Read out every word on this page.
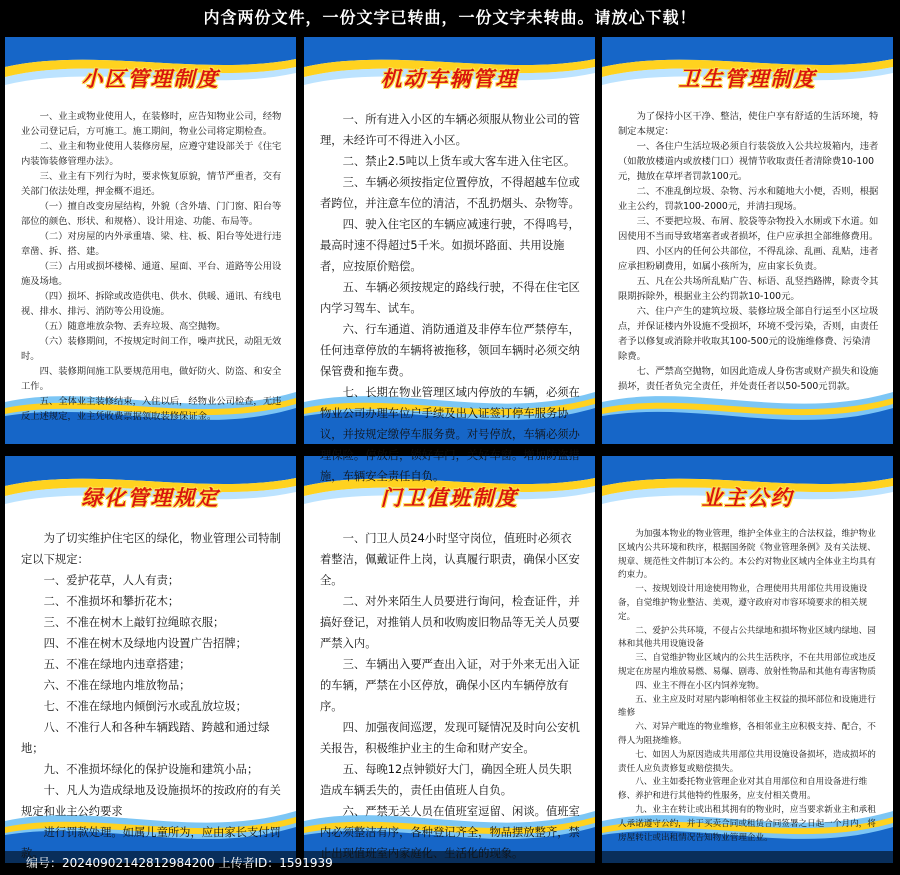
内含两份文件，一份文字已转曲，一份文字未转曲。请放心下载！
小区管理制度

一、业主或物业使用人，在装修时，应告知物业公司，经物业公司登记后，方可施工。施工期间，物业公司将定期检查。

二、业主和物业使用人装修房屋，应遵守建设部关于《住宅内装饰装修管理办法》。

三、业主有下列行为时，要求恢复原貌，情节严重者，交有关部门依法处理，押金概不退还。

（一）擅自改变房屋结构，外貌（含外墙、门门窗、阳台等部位的颜色、形状、和规格）、设计用途、功能、布局等。

（二）对房屋的内外承重墙、梁、柱、板、阳台等处进行违章凿、拆、搭、建。

（三）占用或损坏楼梯、通道、屋面、平台、道路等公用设施及场地。

（四）损坏、拆除或改造供电、供水、供暖、通讯、有线电视、排水、排污、消防等公用设施。

（五）随意堆放杂物、丢弃垃圾、高空抛物。

（六）装修期间，不按规定时间工作，噪声扰民，动阻无效时。

四、装修期间施工队要规范用电，做好防火、防盗、和安全工作。

五、全体业主装修结束，入住以后，经物业公司检查，无违反上述规定，业主凭收费票据领取装修保证金。

机动车辆管理

一、所有进入小区的车辆必须服从物业公司的管理，未经许可不得进入小区。

二、禁止2.5吨以上货车或大客车进入住宅区。

三、车辆必须按指定位置停放，不得超越车位或者跨位，并注意车位的清洁，不乱扔烟头、杂物等。

四、驶入住宅区的车辆应减速行驶，不得鸣号，最高时速不得超过5千米。如损坏路面、共用设施者，应按原价赔偿。

五、车辆必须按规定的路线行驶，不得在住宅区内学习驾车、试车。

六、行车通道、消防通道及非停车位严禁停车，任何违章停放的车辆将被拖移，领回车辆时必须交纳保管费和拖车费。

七、长期在物业管理区域内停放的车辆，必须在物业公司办理车位户手续及出入证签订停车服务协议，并按规定缴停车服务费。对号停放，车辆必须办理保险。停放后，锁好车门，关好车窗。增加防盗措施，车辆安全责任自负。

卫生管理制度

为了保持小区干净、整洁，使住户享有舒适的生活环境，特制定本规定：

一、各住户生活垃圾必须自行装袋放入公共垃圾箱内，违者（如散放楼道内或放楼门口）视情节收取责任者清除费10-100元，抛放在草坪者罚款100元。

二、不准乱倒垃圾、杂物、污水和随地大小便，否则，根据业主公约，罚款100-2000元，并清扫现场。

三、不要把垃圾、布屑、胶袋等杂物投入水厕或下水道。如因使用不当而导致堵塞者或者损坏，住户应承担全部维修费用。

四、小区内的任何公共部位，不得乱涂、乱画、乱贴，违者应承担粉刷费用，如属小孩所为，应由家长负责。

五、凡在公共场所乱贴广告、标语、乱竖挡路牌，除责令其限期拆除外，根据业主公约罚款10-100元。

六、住户产生的建筑垃圾、装修垃圾全部自行运至小区垃圾点，并保证楼内外设施不受损坏，环境不受污染，否则，由责任者予以修复或消除并收取其100-500元的设施维修费、污染清除费。

七、严禁高空抛物，如因此造成人身伤害或财产损失和设施损坏，责任者负完全责任，并处责任者以50-500元罚款。

绿化管理规定

为了切实维护住宅区的绿化，物业管理公司特制定以下规定：

一、爱护花草，人人有责；

二、不准损坏和攀折花木；

三、不准在树木上敲钉拉绳晾衣服；

四、不准在树木及绿地内设置广告招牌；

五、不准在绿地内违章搭建；

六、不准在绿地内堆放物品；

七、不准在绿地内倾倒污水或乱放垃圾；

八、不准行人和各种车辆践踏、跨越和通过绿地；

九、不准损坏绿化的保护设施和建筑小品；

十、凡人为造成绿地及设施损坏的按政府的有关规定和业主公约要求

进行罚款处理。如属儿童所为，应由家长支付罚款。

门卫值班制度

一、门卫人员24小时坚守岗位，值班时必须衣着整洁，佩戴证件上岗，认真履行职责，确保小区安全。

二、对外来陌生人员要进行询问，检查证件，并搞好登记，对推销人员和收购废旧物品等无关人员要严禁入内。

三、车辆出入要严查出入证，对于外来无出入证的车辆，严禁在小区停放，确保小区内车辆停放有序。

四、加强夜间巡逻，发现可疑情况及时向公安机关报告，积极维护业主的生命和财产安全。

五、每晚12点钟锁好大门，确因全班人员失职造成车辆丢失的，责任由值班人自负。

六、严禁无关人员在值班室逗留、闲谈。值班室内必须整洁有序，各种登记齐全，物品摆放整齐，禁止出现值班室内家庭化、生活化的现象。

业主公约

为加强本物业的物业管理，维护全体业主的合法权益，维护物业区域内公共环境和秩序，根据国务院《物业管理条例》及有关法规、规章、规范性文件制订本公约。本公约对物业区域内全体业主均具有约束力。

一、按规划设计用途使用物业，合理使用共用部位共用设施设备，自觉维护物业整洁、美观，遵守政府对市容环境要求的相关规定。

二、爱护公共环境，不侵占公共绿地和损坏物业区域内绿地、园林和其他共用设施设备

三、自觉维护物业区域内的公共生活秩序，不在共用部位或违反规定在房屋内堆放易燃、易爆、剧毒、放射性物品和其他有毒害物质

四、业主不得在小区内饲养宠物。

五、业主应及时对屋内影响相邻业主权益的损坏部位和设施进行维修

六、对异产毗连的物业维修，各相邻业主应积极支持、配合，不得人为阻挠维修。

七、如因人为原因造成共用部位共用设施设备损坏，造成损坏的责任人应负责修复或赔偿损失。

八、业主如委托物业管理企业对其自用部位和自用设备进行维修、养护和进行其他特约性服务，应支付相关费用。

九、业主在转让或出租其拥有的物业时，应当要求新业主和承租人承诺遵守公约，并于买卖合同或租赁合同签署之日起一个月内，将房屋转让或出租情况告知物业管理企业。

编号：20240902142812984200 上传者ID：1591939
